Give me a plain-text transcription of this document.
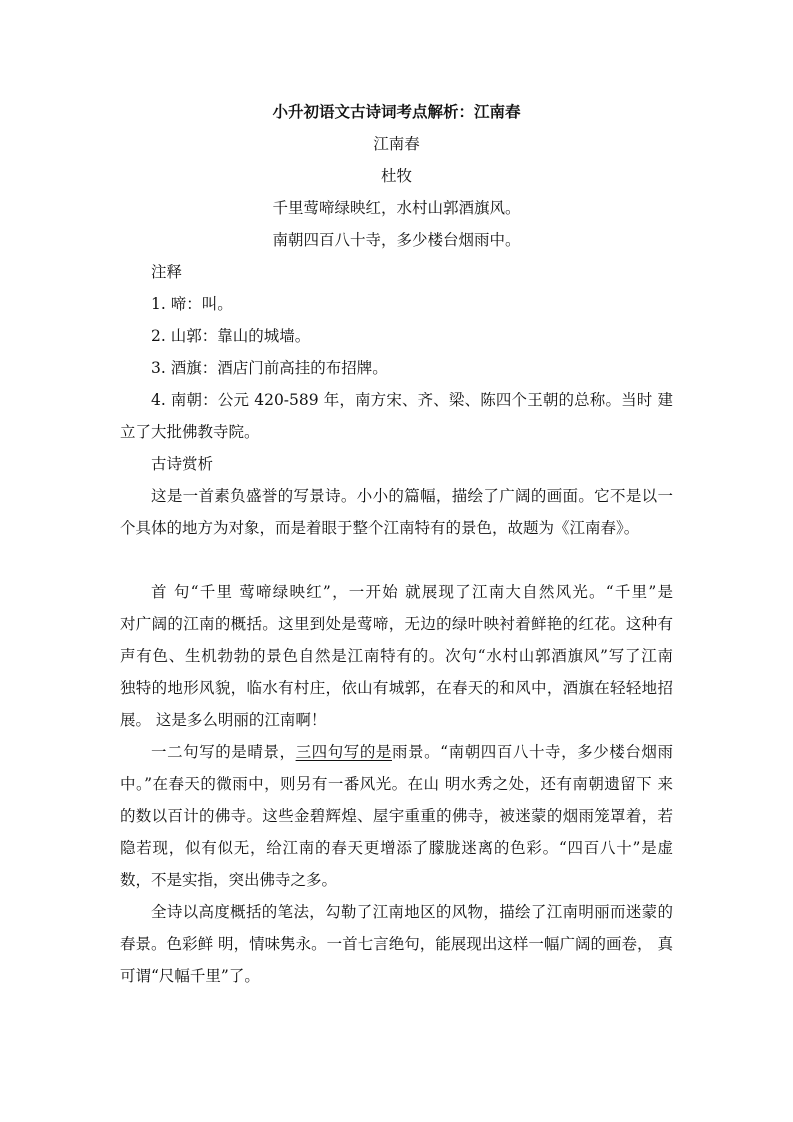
小升初语文古诗词考点解析：江南春
江南春
杜牧
千里莺啼绿映红，水村山郭酒旗风。
南朝四百八十寺，多少楼台烟雨中。
注释
1. 啼：叫。
2. 山郭：靠山的城墙。
3. 酒旗：酒店门前高挂的布招牌。
4. 南朝：公元 420-589 年，南方宋、齐、梁、陈四个王朝的总称。当时 建
立了大批佛教寺院。
古诗赏析
这是一首素负盛誉的写景诗。小小的篇幅，描绘了广阔的画面。它不是以一
个具体的地方为对象，而是着眼于整个江南特有的景色，故题为《江南春》。
首 句“千里 莺啼绿映红”，一开始 就展现了江南大自然风光。“千里”是
对广阔的江南的概括。这里到处是莺啼，无边的绿叶映衬着鲜艳的红花。这种有
声有色、生机勃勃的景色自然是江南特有的。次句“水村山郭酒旗风”写了江南
独特的地形风貌，临水有村庄，依山有城郭，在春天的和风中，酒旗在轻轻地招
展。 这是多么明丽的江南啊！
一二句写的是晴景，三四句写的是雨景。“南朝四百八十寺，多少楼台烟雨
中。”在春天的微雨中，则另有一番风光。在山 明水秀之处，还有南朝遗留下 来
的数以百计的佛寺。这些金碧辉煌、屋宇重重的佛寺，被迷蒙的烟雨笼罩着，若
隐若现，似有似无，给江南的春天更增添了朦胧迷离的色彩。“四百八十”是虚
数，不是实指，突出佛寺之多。
全诗以高度概括的笔法，勾勒了江南地区的风物，描绘了江南明丽而迷蒙的
春景。色彩鲜 明，情味隽永。一首七言绝句，能展现出这样一幅广阔的画卷， 真
可谓“尺幅千里”了。
